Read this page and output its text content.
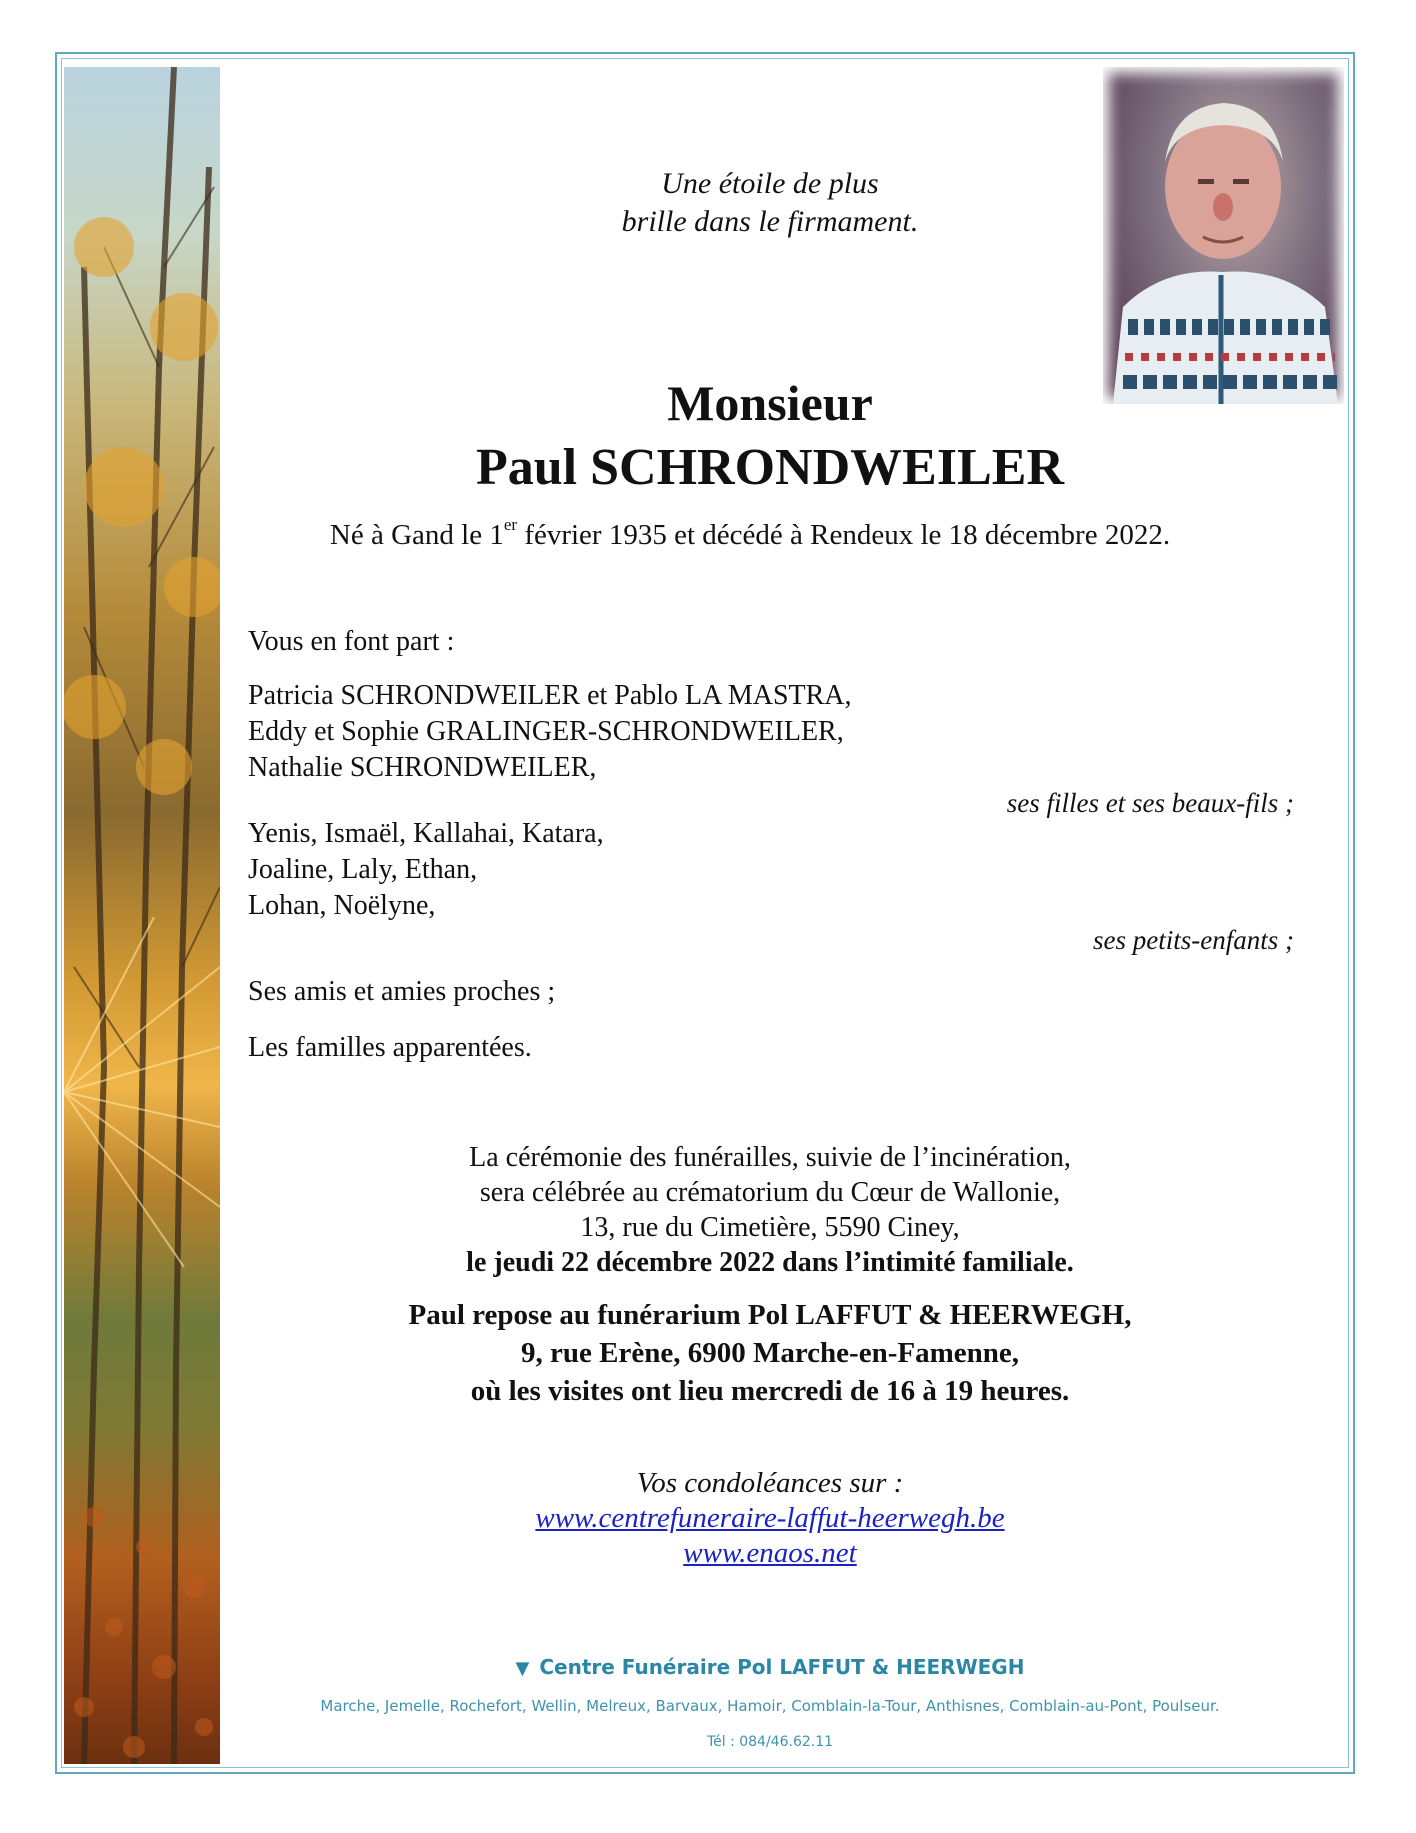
Une étoile de plus
brille dans le firmament.
Monsieur
Paul SCHRONDWEILER
Né à Gand le 1er février 1935 et décédé à Rendeux le 18 décembre 2022.
Vous en font part :
Patricia SCHRONDWEILER et Pablo LA MASTRA,
Eddy et Sophie GRALINGER-SCHRONDWEILER,
Nathalie SCHRONDWEILER,
ses filles et ses beaux-fils ;
Yenis, Ismaël, Kallahai, Katara,
Joaline, Laly, Ethan,
Lohan, Noëlyne,
ses petits-enfants ;
Ses amis et amies proches ;
Les familles apparentées.
La cérémonie des funérailles, suivie de l’incinération,
sera célébrée au crématorium du Cœur de Wallonie,
13, rue du Cimetière, 5590 Ciney,
le jeudi 22 décembre 2022 dans l’intimité familiale.
Paul repose au funérarium Pol LAFFUT & HEERWEGH,
9, rue Erène, 6900 Marche-en-Famenne,
où les visites ont lieu mercredi de 16 à 19 heures.
Vos condoléances sur :
www.centrefuneraire-laffut-heerwegh.be
www.enaos.net
▼ Centre Funéraire Pol LAFFUT & HEERWEGH
Marche, Jemelle, Rochefort, Wellin, Melreux, Barvaux, Hamoir, Comblain-la-Tour, Anthisnes, Comblain-au-Pont, Poulseur.
Tél : 084/46.62.11
